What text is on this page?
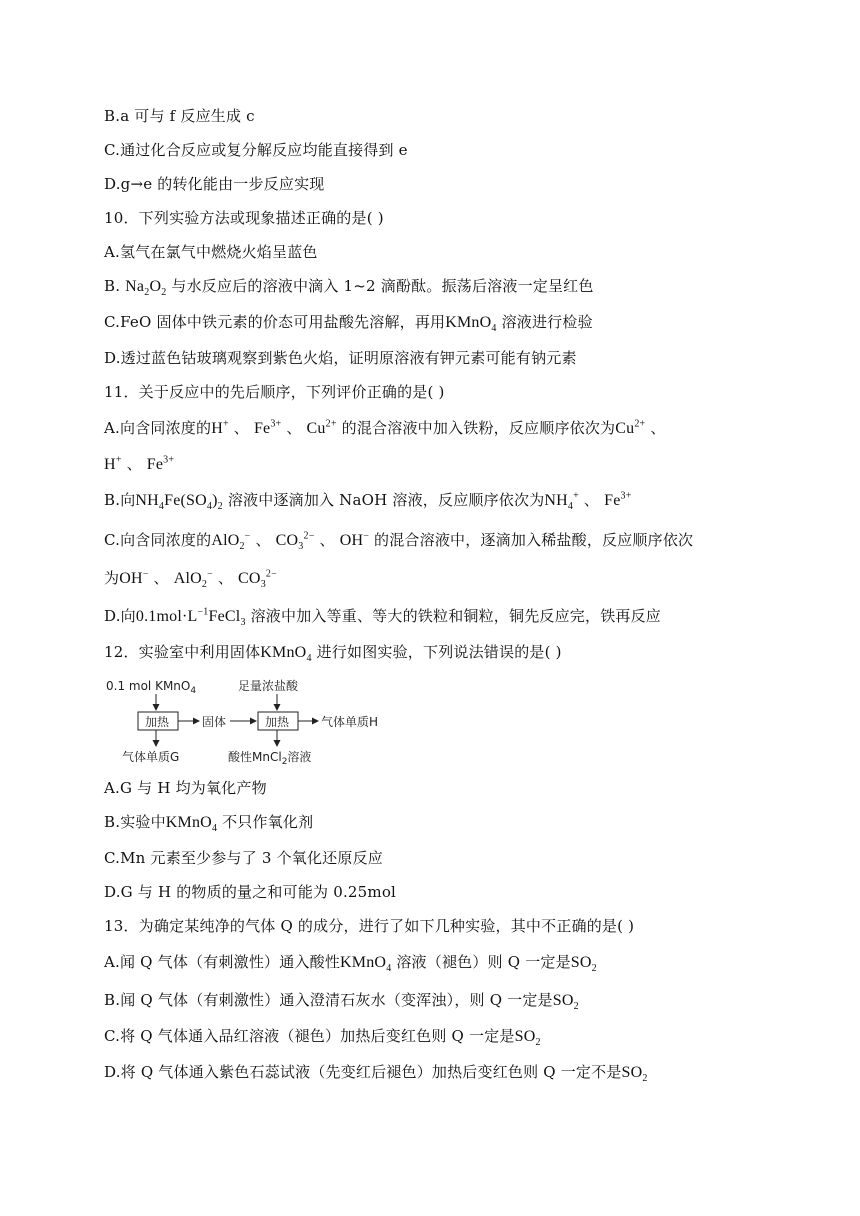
B.a 可与 f 反应生成 c
C.通过化合反应或复分解反应均能直接得到 e
D.g→e 的转化能由一步反应实现
10．下列实验方法或现象描述正确的是( )
A.氢气在氯气中燃烧火焰呈蓝色
B. $Na_2O_2$ 与水反应后的溶液中滴入 1~2 滴酚酞。振荡后溶液一定呈红色
C.FeO 固体中铁元素的价态可用盐酸先溶解，再用KMnO$_4$ 溶液进行检验
D.透过蓝色钴玻璃观察到紫色火焰，证明原溶液有钾元素可能有钠元素
11．关于反应中的先后顺序，下列评价正确的是( )
A.向含同浓度的H+ 、 $Fe^{3+}$ 、 $Cu^{2+}$ 的混合溶液中加入铁粉，反应顺序依次为$Cu^{2+}$ 、
H+ 、 $Fe^{3+}$
B.向$NH_4Fe(SO_4)_2$ 溶液中逐滴加入 NaOH 溶液，反应顺序依次为$NH_4^+$ 、 $Fe^{3+}$
C.向含同浓度的AlO$_2$− 、 $CO_3^{2-}$ 、 OH− 的混合溶液中，逐滴加入稀盐酸，反应顺序依次
为OH− 、 AlO$_2$− 、 $CO_3^{2-}$
D.向$0.1mol\cdot L^{-1}FeCl_3$ 溶液中加入等重、等大的铁粒和铜粒，铜先反应完，铁再反应
12．实验室中利用固体KMnO$_4$ 进行如图实验，下列说法错误的是( )
0.1 mol KMnO$_4$
加热	固体
足量浓盐酸
加热	气体单质H
气体单质G	酸性MnCl$_2$溶液
A.G 与 H 均为氧化产物
B.实验中KMnO$_4$ 不只作氧化剂
C.Mn 元素至少参与了 3 个氧化还原反应
D.G 与 H 的物质的量之和可能为 0.25mol
13．为确定某纯净的气体 Q 的成分，进行了如下几种实验，其中不正确的是( )
A.闻 Q 气体（有刺激性）通入酸性KMnO$_4$ 溶液（褪色）则 Q 一定是$SO_2$
B.闻 Q 气体（有刺激性）通入澄清石灰水（变浑浊），则 Q 一定是$SO_2$
C.将 Q 气体通入品红溶液（褪色）加热后变红色则 Q 一定是$SO_2$
D.将 Q 气体通入紫色石蕊试液（先变红后褪色）加热后变红色则 Q 一定不是$SO_2$
